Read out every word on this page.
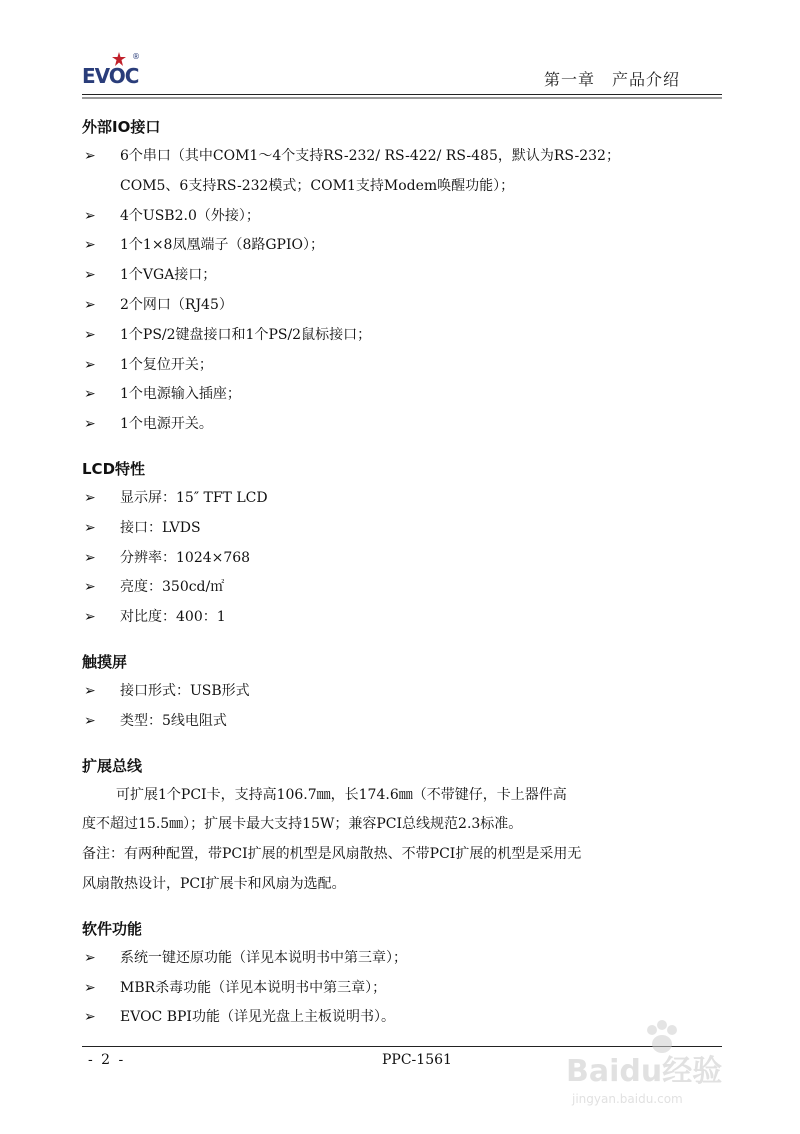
®
EVOC	第一章　产品介绍
外部IO接口
➢ 6个串口（其中COM1～4个支持RS-232/ RS-422/ RS-485，默认为RS-232；
COM5、6支持RS-232模式；COM1支持Modem唤醒功能）；
➢ 4个USB2.0（外接）；
➢ 1个1×8凤凰端子（8路GPIO）；
➢ 1个VGA接口；
➢ 2个网口（RJ45）
➢ 1个PS/2键盘接口和1个PS/2鼠标接口；
➢ 1个复位开关；
➢ 1个电源输入插座；
➢ 1个电源开关。
LCD特性
➢ 显示屏：15″ TFT LCD
➢ 接口：LVDS
➢ 分辨率：1024×768
➢ 亮度：350cd/㎡
➢ 对比度：400：1
触摸屏
➢ 接口形式：USB形式
➢ 类型：5线电阻式
扩展总线

可扩展1个PCI卡，支持高106.7㎜，长174.6㎜（不带键仔，卡上器件高
度不超过15.5㎜）；扩展卡最大支持15W；兼容PCI总线规范2.3标准。

备注：有两种配置，带PCI扩展的机型是风扇散热、不带PCI扩展的机型是采用无
风扇散热设计，PCI扩展卡和风扇为选配。

软件功能
➢ 系统一键还原功能（详见本说明书中第三章）；
➢ MBR杀毒功能（详见本说明书中第三章）；
➢ EVOC BPI功能（详见光盘上主板说明书）。
- 2 -	PPC-1561	Baidu经验
jingyan.baidu.com
